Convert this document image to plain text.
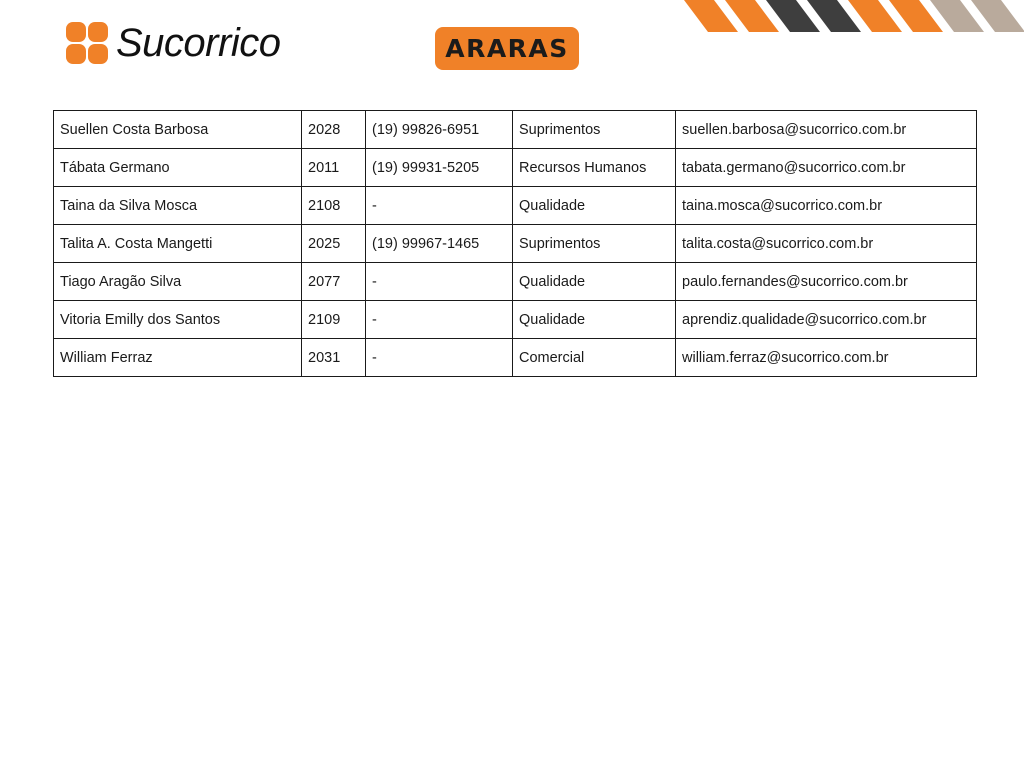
Sucorrico	ARARAS
Suellen Costa Barbosa	2028	(19) 99826-6951	Suprimentos	suellen.barbosa@sucorrico.com.br
Tábata Germano	2011	(19) 99931-5205	Recursos Humanos	tabata.germano@sucorrico.com.br
Taina da Silva Mosca	2108	-	Qualidade	taina.mosca@sucorrico.com.br
Talita A. Costa Mangetti	2025	(19) 99967-1465	Suprimentos	talita.costa@sucorrico.com.br
Tiago Aragão Silva	2077	-	Qualidade	paulo.fernandes@sucorrico.com.br
Vitoria Emilly dos Santos	2109	-	Qualidade	aprendiz.qualidade@sucorrico.com.br
William Ferraz	2031	-	Comercial	william.ferraz@sucorrico.com.br
